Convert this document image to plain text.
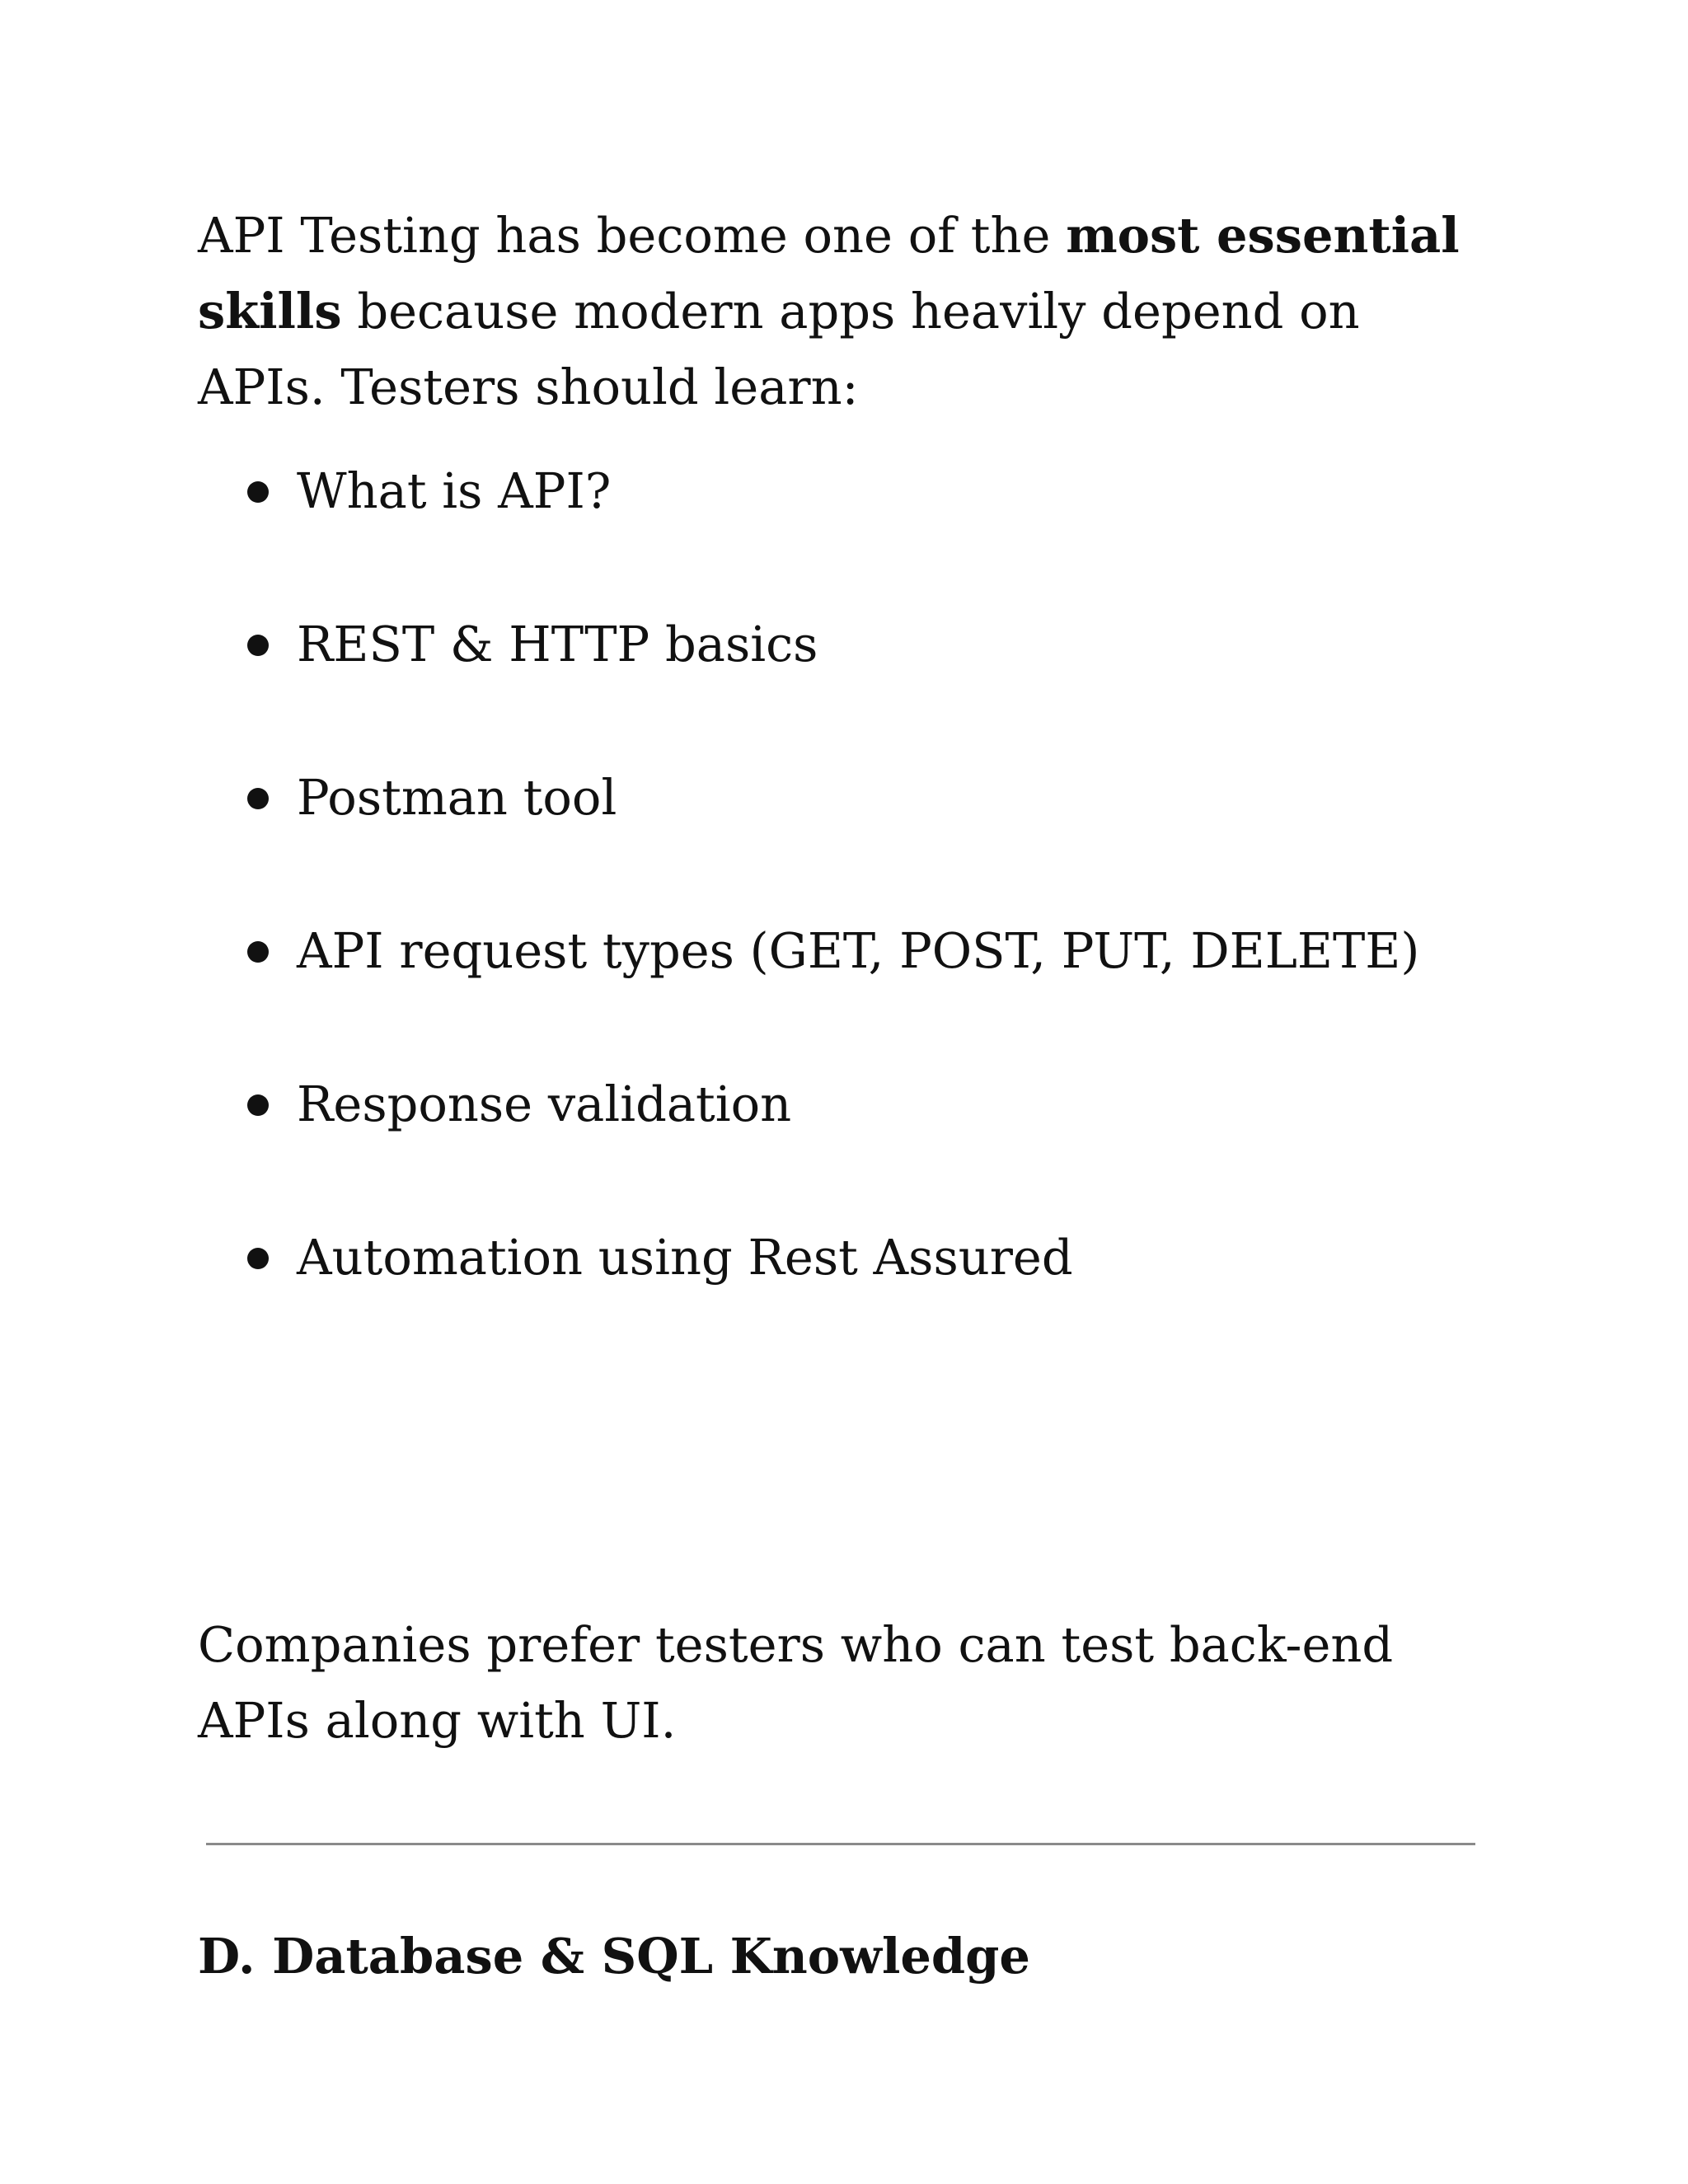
API Testing has become one of the most essential skills because modern apps heavily depend on APIs. Testers should learn:

What is API?
REST & HTTP basics
Postman tool
API request types (GET, POST, PUT, DELETE)
Response validation
Automation using Rest Assured

Companies prefer testers who can test back-end APIs along with UI.

D. Database & SQL Knowledge
